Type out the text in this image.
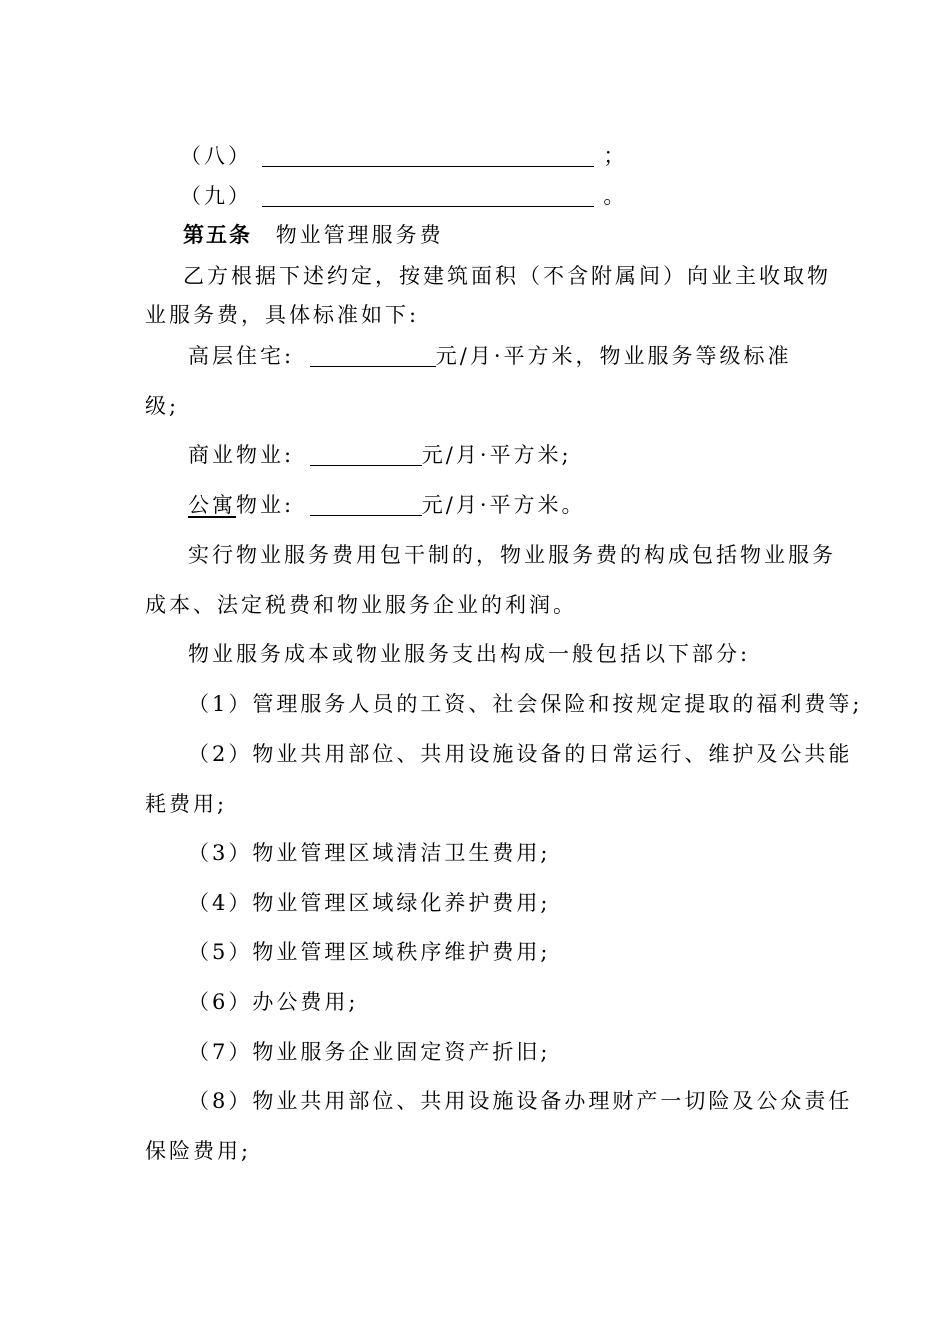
（八）	；
（九）	。
第五条 物业管理服务费
乙方根据下述约定，按建筑面积（不含附属间）向业主收取物
业服务费，具体标准如下:
高层住宅:	元/月·平方米，物业服务等级标准
级;
商业物业:	元/月·平方米;
公寓物业:	元/月·平方米。
实行物业服务费用包干制的，物业服务费的构成包括物业服务
成本、法定税费和物业服务企业的利润。
物业服务成本或物业服务支出构成一般包括以下部分:
（1）管理服务人员的工资、社会保险和按规定提取的福利费等;
（2）物业共用部位、共用设施设备的日常运行、维护及公共能
耗费用;
（3）物业管理区域清洁卫生费用;
（4）物业管理区域绿化养护费用;
（5）物业管理区域秩序维护费用;
（6）办公费用;
（7）物业服务企业固定资产折旧;
（8）物业共用部位、共用设施设备办理财产一切险及公众责任
保险费用;
